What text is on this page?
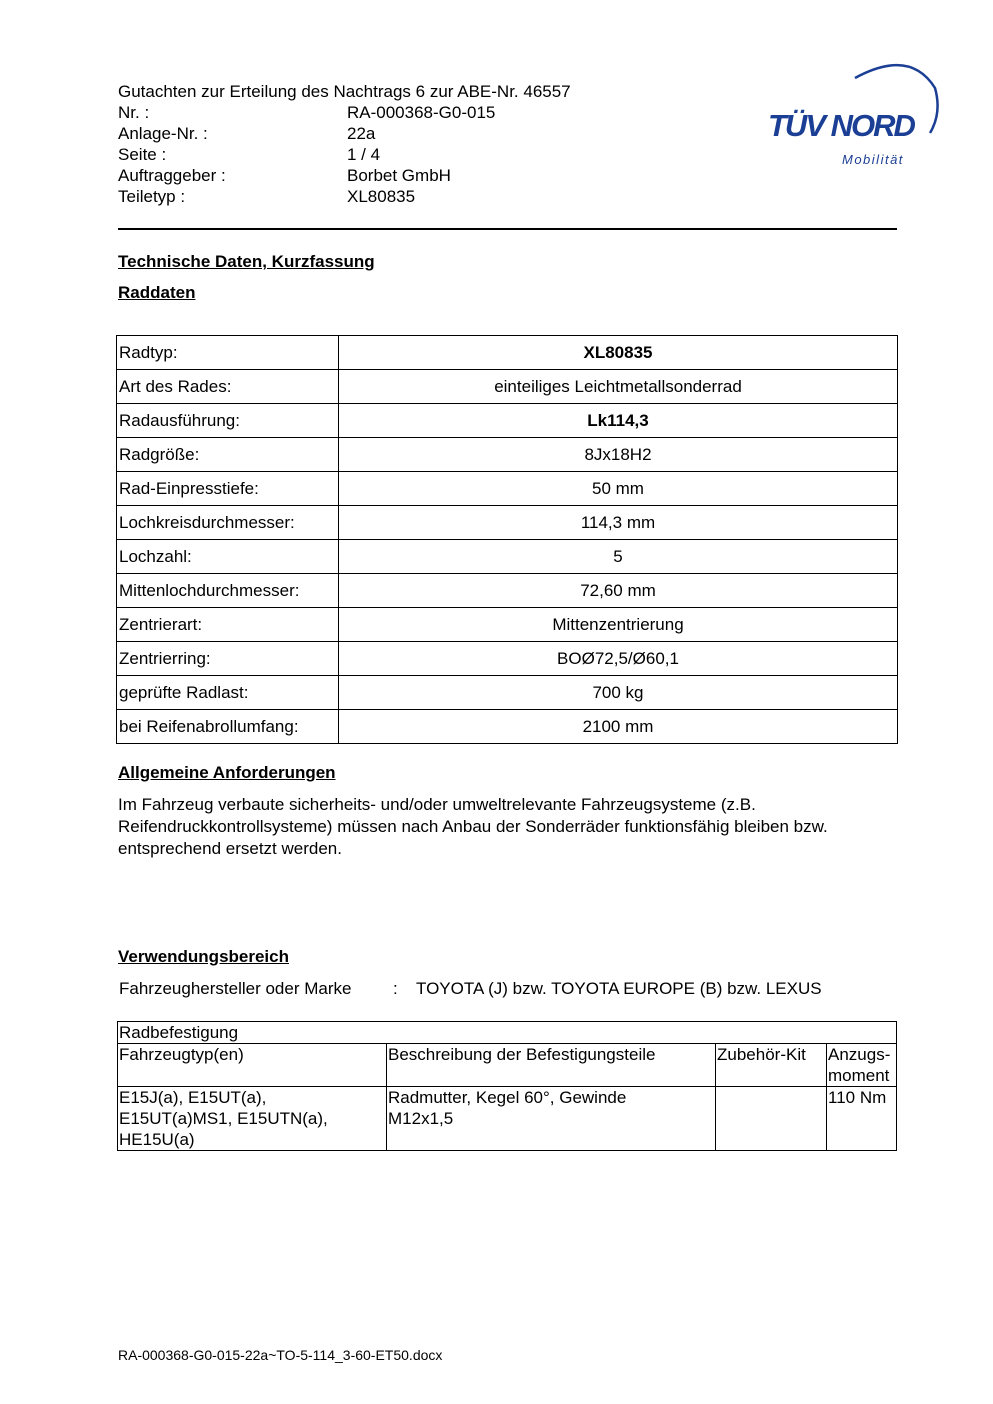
Gutachten zur Erteilung des Nachtrags 6 zur ABE-Nr. 46557
Nr. :	RA-000368-G0-015
Anlage-Nr. :	22a
Seite :	1 / 4
Auftraggeber :	Borbet GmbH
Teiletyp :	XL80835
TÜV NORD
Mobilität
Technische Daten, Kurzfassung
Raddaten
Radtyp:	XL80835
Art des Rades:	einteiliges Leichtmetallsonderrad
Radausführung:	Lk114,3
Radgröße:	8Jx18H2
Rad-Einpresstiefe:	50 mm
Lochkreisdurchmesser:	114,3 mm
Lochzahl:	5
Mittenlochdurchmesser:	72,60 mm
Zentrierart:	Mittenzentrierung
Zentrierring:	BOØ72,5/Ø60,1
geprüfte Radlast:	700 kg
bei Reifenabrollumfang:	2100 mm
Allgemeine Anforderungen
Im Fahrzeug verbaute sicherheits- und/oder umweltrelevante Fahrzeugsysteme (z.B. Reifendruckkontrollsysteme) müssen nach Anbau der Sonderräder funktionsfähig bleiben bzw. entsprechend ersetzt werden.
Verwendungsbereich
Fahrzeughersteller oder Marke : TOYOTA (J) bzw. TOYOTA EUROPE (B) bzw. LEXUS
Radbefestigung			
Fahrzeugtyp(en)	Beschreibung der Befestigungsteile	Zubehör-Kit	Anzugs-
moment
E15J(a), E15UT(a),
E15UT(a)MS1, E15UTN(a),
HE15U(a)	Radmutter, Kegel 60°, Gewinde
M12x1,5		110 Nm
RA-000368-G0-015-22a~TO-5-114_3-60-ET50.docx
